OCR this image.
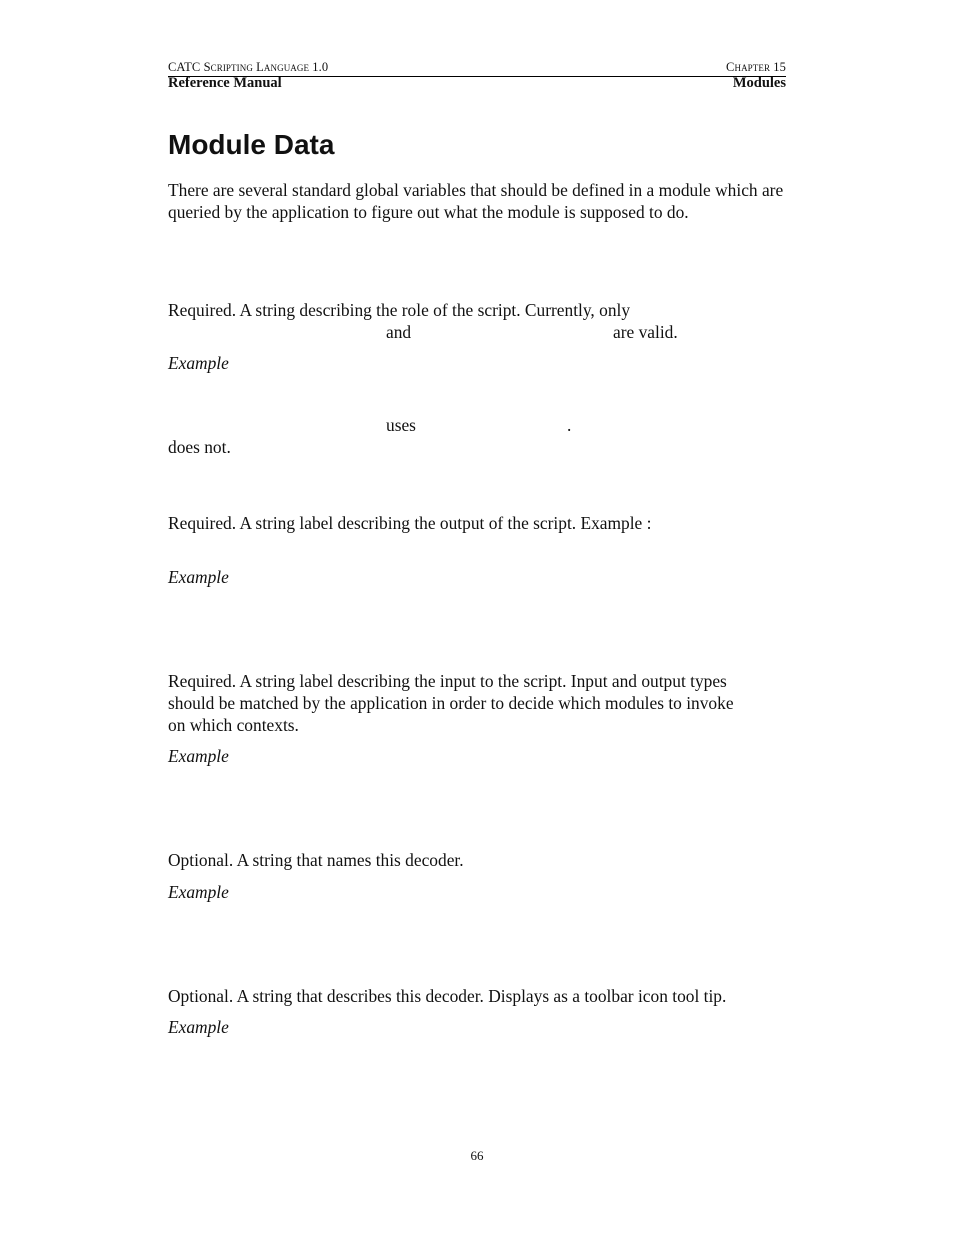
CATC Scripting Language 1.0	Chapter 15
Reference Manual	Modules
Module Data
There are several standard global variables that should be defined in a module which are queried by the application to figure out what the module is supposed to do.
Required. A string describing the role of the script. Currently, only
and	are valid.
Example
uses	.
does not.
Required. A string label describing the output of the script. Example :
Example
Required. A string label describing the input to the script. Input and output types
should be matched by the application in order to decide which modules to invoke
on which contexts.
Example
Optional. A string that names this decoder.
Example
Optional. A string that describes this decoder. Displays as a toolbar icon tool tip.
Example
66
